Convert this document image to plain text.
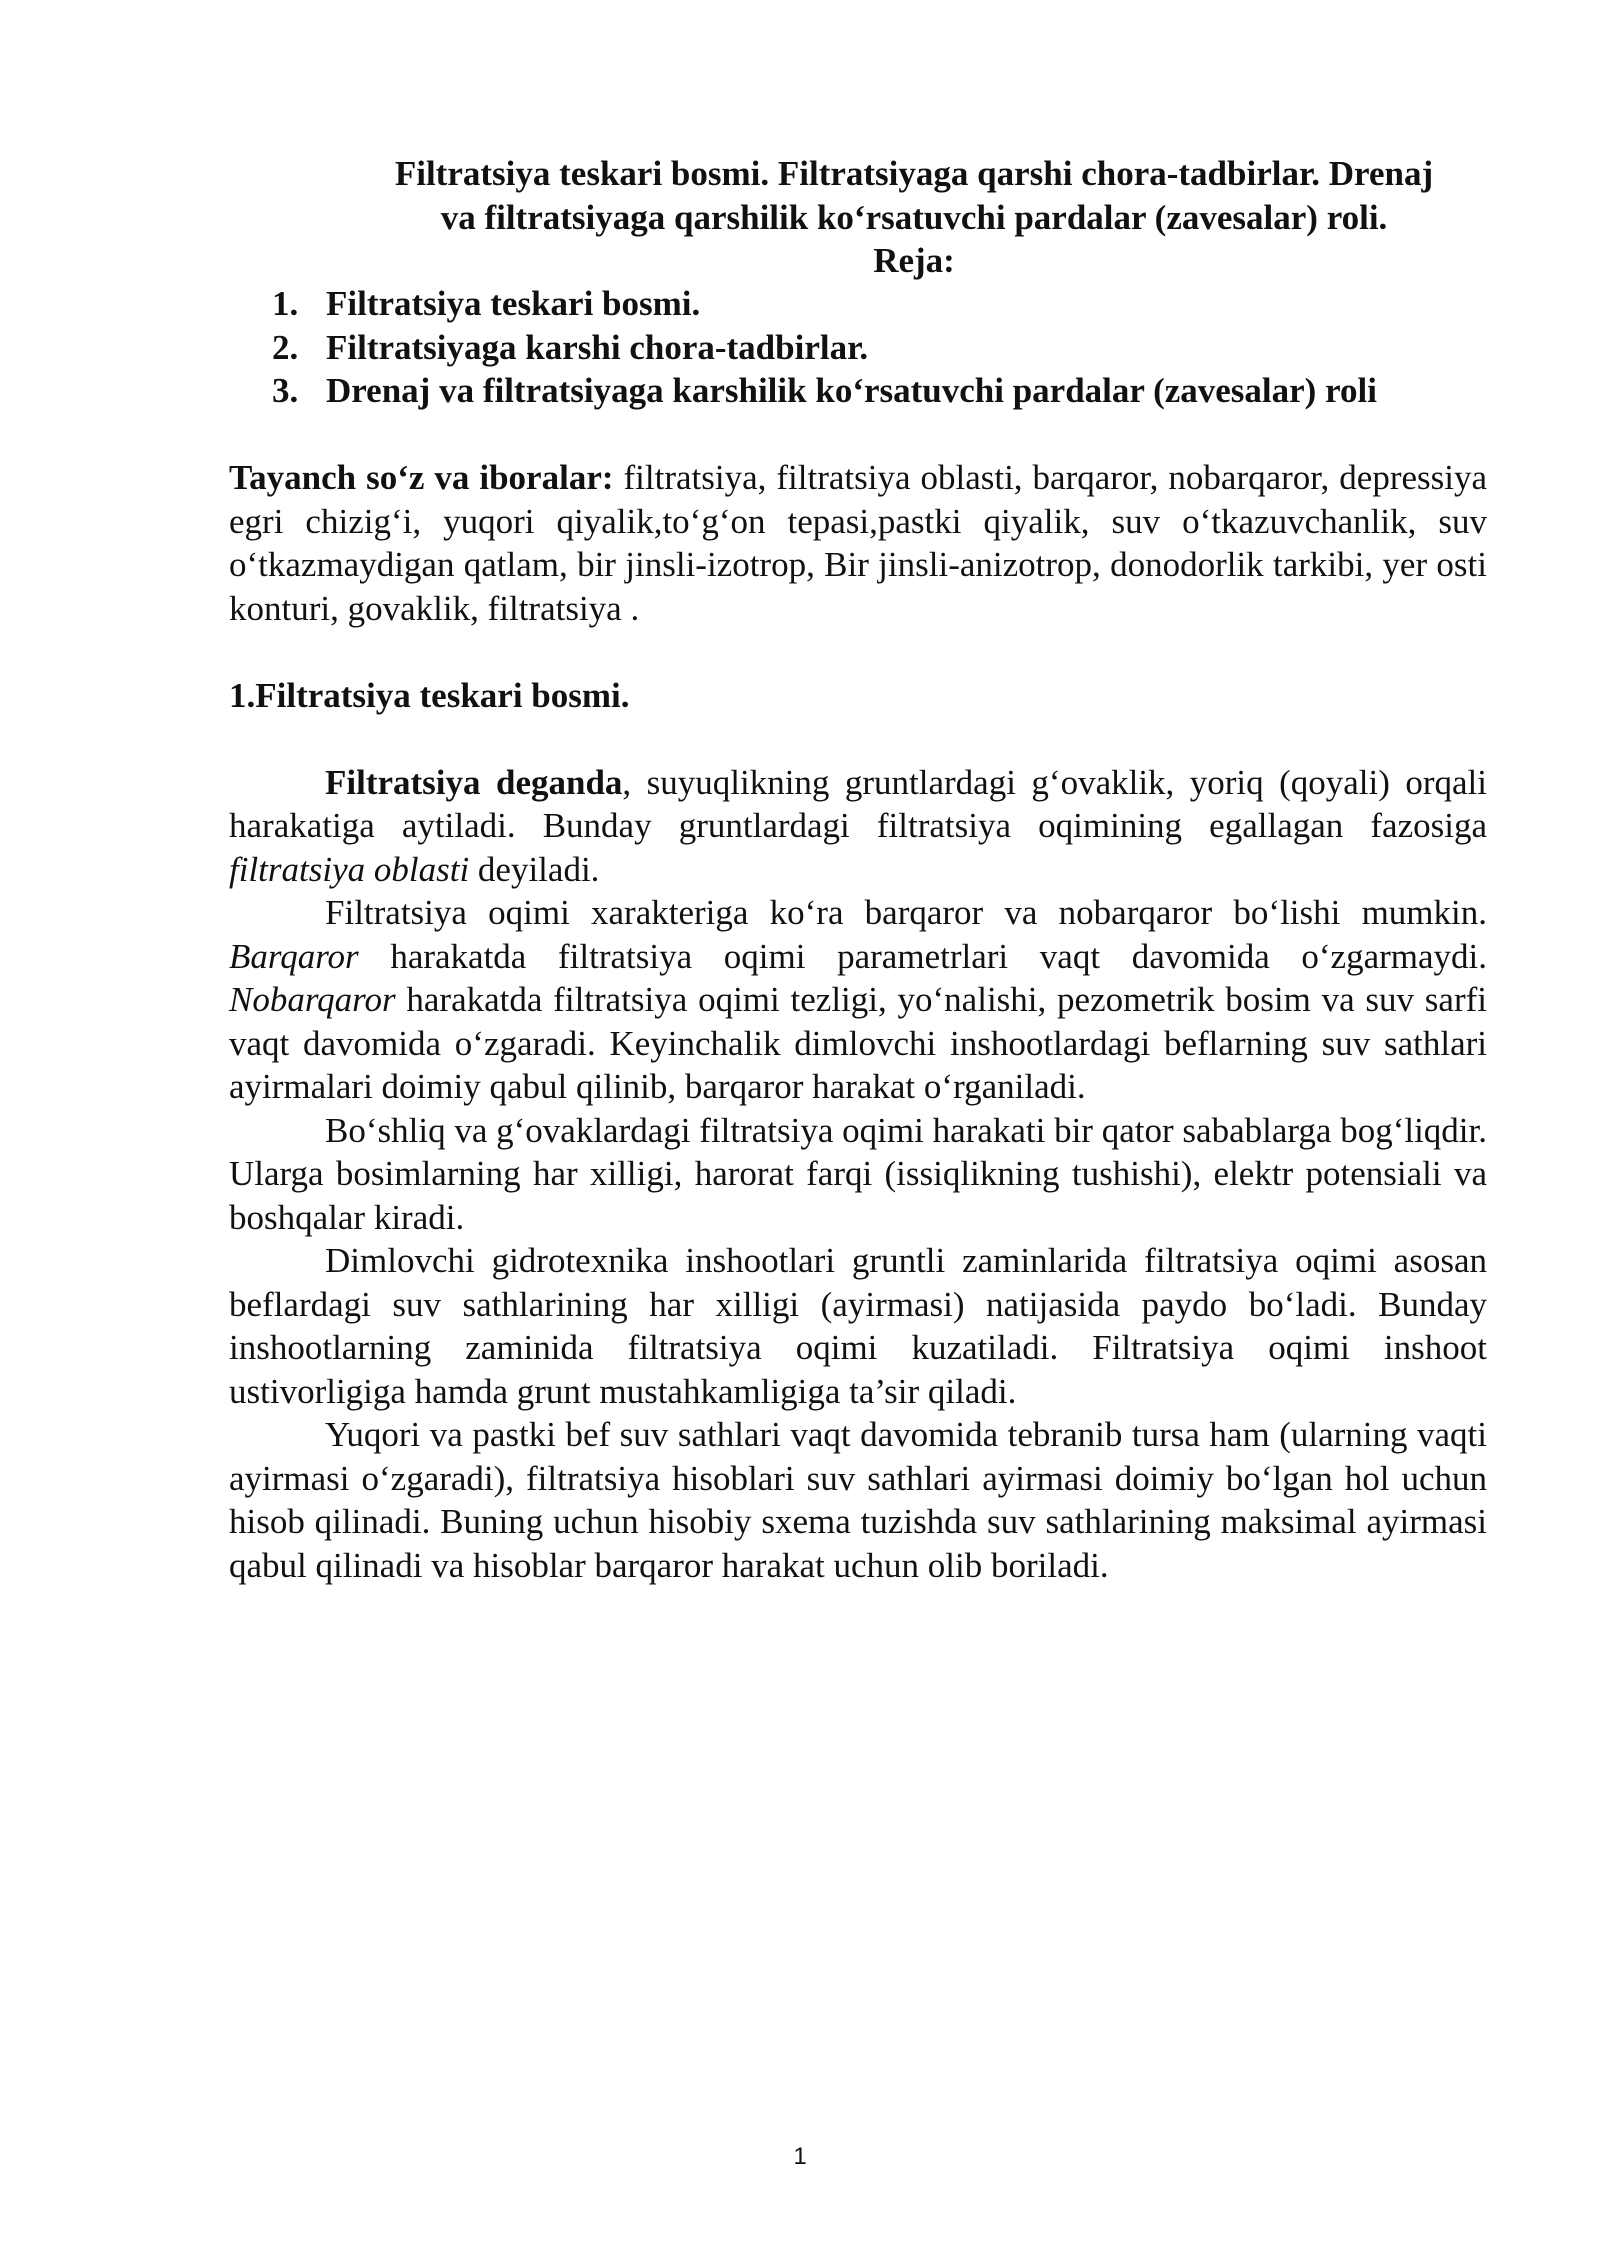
Filtratsiya teskari bosmi. Filtratsiyaga qarshi chora-tadbirlar. Drenaj
va filtratsiyaga qarshilik ko‘rsatuvchi pardalar (zavesalar) roli.
Reja:
1. Filtratsiya teskari bosmi.
2. Filtratsiyaga karshi chora-tadbirlar.
3. Drenaj va filtratsiyaga karshilik ko‘rsatuvchi pardalar (zavesalar) roli

Tayanch so‘z va iboralar: filtratsiya, filtratsiya oblasti, barqaror, nobarqaror, depressiya egri chizig‘i, yuqori qiyalik,to‘g‘on tepasi,pastki qiyalik, suv o‘tkazuvchanlik, suv o‘tkazmaydigan qatlam, bir jinsli-izotrop, Bir jinsli-anizotrop, donodorlik tarkibi, yer osti konturi, govaklik, filtratsiya .

1.Filtratsiya teskari bosmi.

Filtratsiya deganda, suyuqlikning gruntlardagi g‘ovaklik, yoriq (qoyali) orqali harakatiga aytiladi. Bunday gruntlardagi filtratsiya oqimining egallagan fazosiga filtratsiya oblasti deyiladi.

Filtratsiya oqimi xarakteriga ko‘ra barqaror va nobarqaror bo‘lishi mumkin. Barqaror harakatda filtratsiya oqimi parametrlari vaqt davomida o‘zgarmaydi. Nobarqaror harakatda filtratsiya oqimi tezligi, yo‘nalishi, pezometrik bosim va suv sarfi vaqt davomida o‘zgaradi. Keyinchalik dimlovchi inshootlardagi beflarning suv sathlari ayirmalari doimiy qabul qilinib, barqaror harakat o‘rganiladi.

Bo‘shliq va g‘ovaklardagi filtratsiya oqimi harakati bir qator sabablarga bog‘liqdir. Ularga bosimlarning har xilligi, harorat farqi (issiqlikning tushishi), elektr potensiali va boshqalar kiradi.

Dimlovchi gidrotexnika inshootlari gruntli zaminlarida filtratsiya oqimi asosan beflardagi suv sathlarining har xilligi (ayirmasi) natijasida paydo bo‘ladi. Bunday inshootlarning zaminida filtratsiya oqimi kuzatiladi. Filtratsiya oqimi inshoot ustivorligiga hamda grunt mustahkamligiga ta’sir qiladi.

Yuqori va pastki bef suv sathlari vaqt davomida tebranib tursa ham (ularning vaqti ayirmasi o‘zgaradi), filtratsiya hisoblari suv sathlari ayirmasi doimiy bo‘lgan hol uchun hisob qilinadi. Buning uchun hisobiy sxema tuzishda suv sathlarining maksimal ayirmasi qabul qilinadi va hisoblar barqaror harakat uchun olib boriladi.

1
